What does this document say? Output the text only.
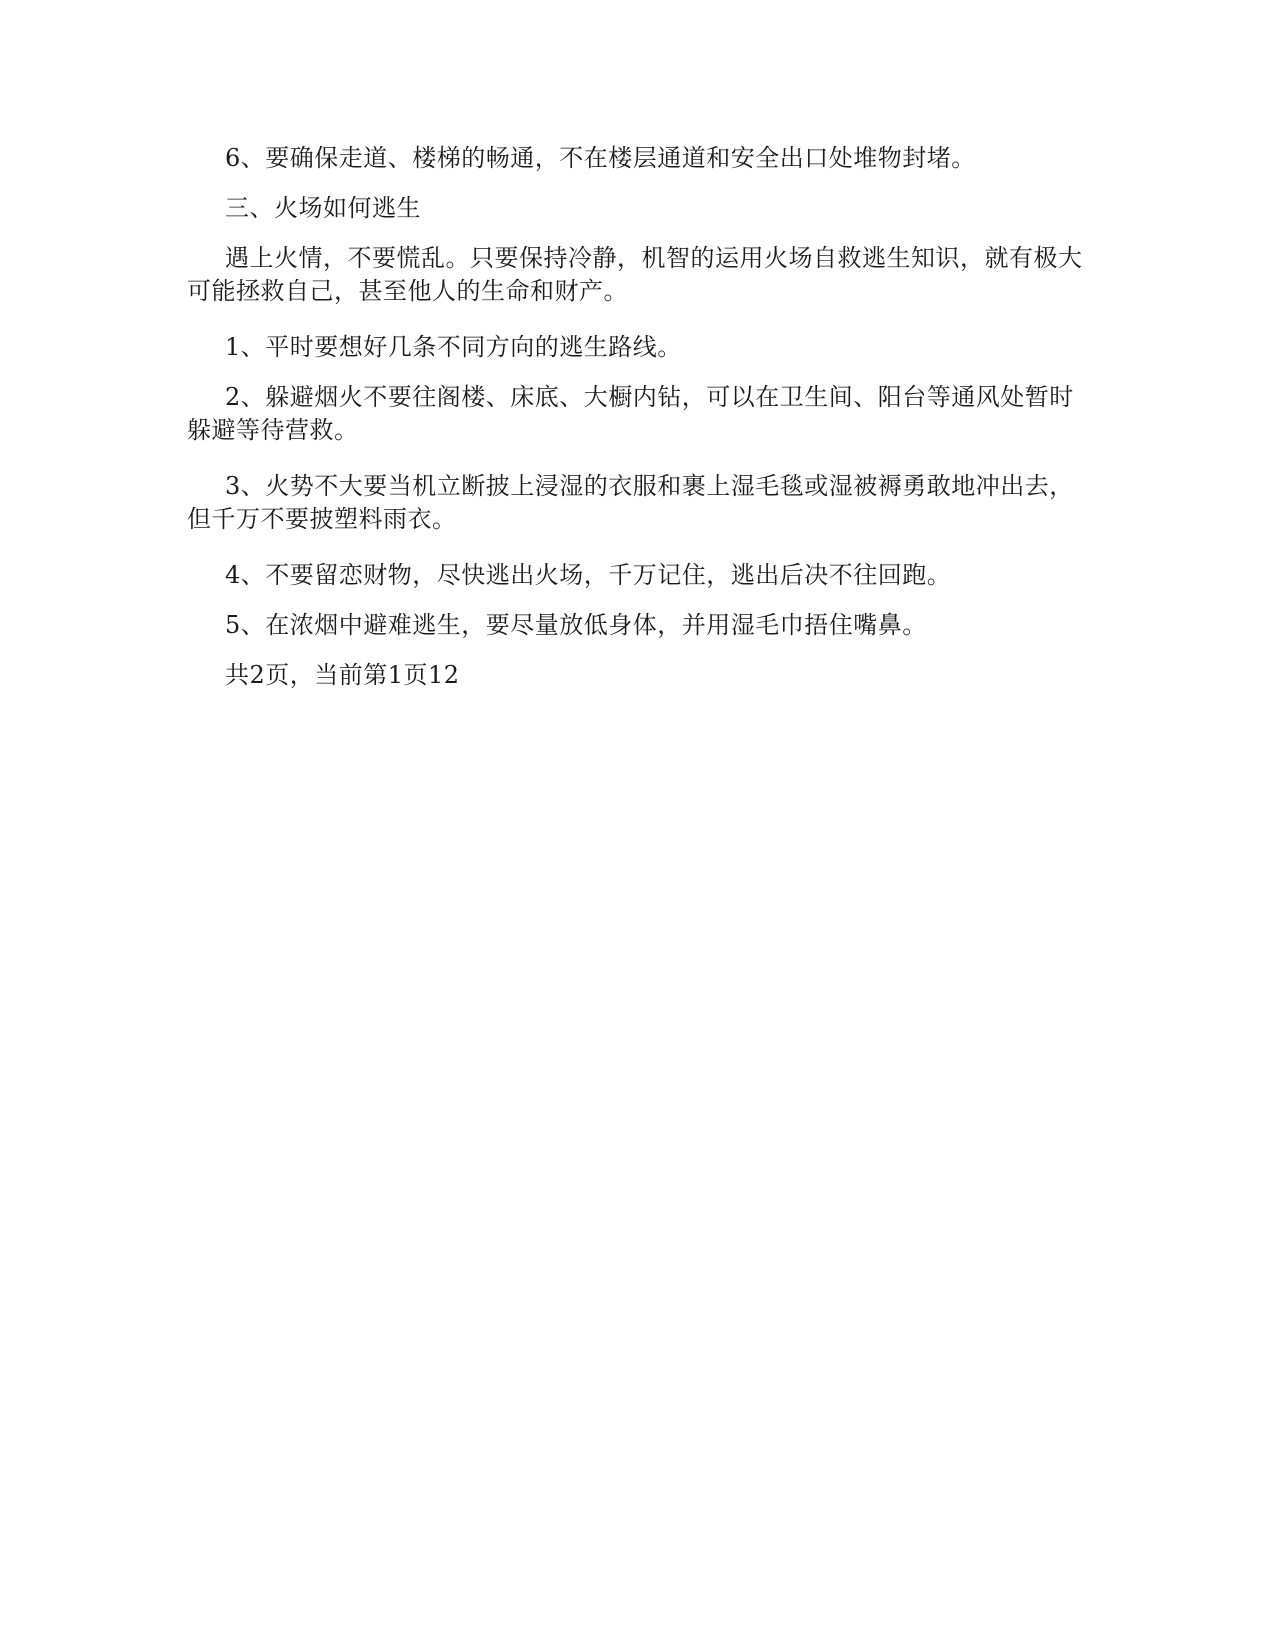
6、要确保走道、楼梯的畅通，不在楼层通道和安全出口处堆物封堵。

三、火场如何逃生

遇上火情，不要慌乱。只要保持冷静，机智的运用火场自救逃生知识，就有极大可能拯救自己，甚至他人的生命和财产。

1、平时要想好几条不同方向的逃生路线。

2、躲避烟火不要往阁楼、床底、大橱内钻，可以在卫生间、阳台等通风处暂时躲避等待营救。

3、火势不大要当机立断披上浸湿的衣服和裹上湿毛毯或湿被褥勇敢地冲出去，但千万不要披塑料雨衣。

4、不要留恋财物，尽快逃出火场，千万记住，逃出后决不往回跑。

5、在浓烟中避难逃生，要尽量放低身体，并用湿毛巾捂住嘴鼻。

共2页，当前第1页12
